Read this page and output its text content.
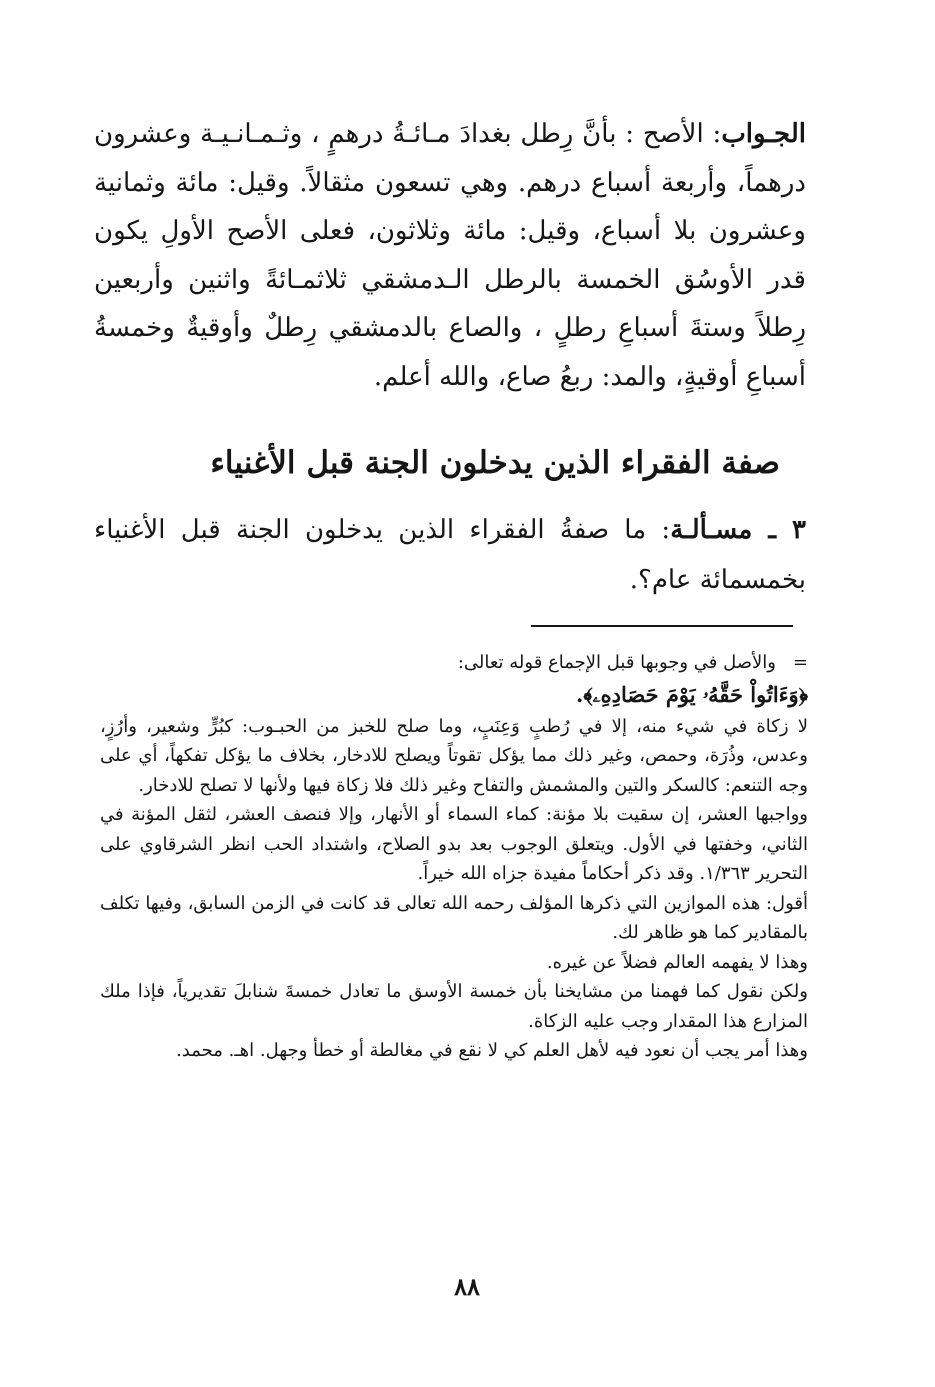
الجـواب: الأصح : بأنَّ رِطل بغدادَ مـائـةُ درهمٍ ، وثـمـانـيـة وعشرون درهماً، وأربعة أسباع درهم. وهي تسعون مثقالاً. وقيل: مائة وثمانية وعشرون بلا أسباع، وقيل: مائة وثلاثون، فعلى الأصح الأولِ يكون قدر الأوسُق الخمسة بالرطل الـدمشقي ثلاثمـائةً واثنين وأربعين رِطلاً وستةَ أسباعِ رطلٍ ، والصاع بالدمشقي رِطلٌ وأوقيةٌ وخمسةُ أسباعِ أوقيةٍ، والمد: ربعُ صاع، والله أعلم.

صفة الفقراء الذين يدخلون الجنة قبل الأغنياء

٣ ـ مسـألـة: ما صفةُ الفقراء الذين يدخلون الجنة قبل الأغنياء بخمسمائة عام؟.

=
والأصل في وجوبها قبل الإجماع قوله تعالى:
﴿وَءَاتُواْ حَقَّهُۥ يَوْمَ حَصَادِهِۦ﴾.
لا زكاة في شيء منه، إلا في رُطبٍ وَعِنَبٍ، وما صلح للخبز من الحبـوب: كبُرٍّ وشعير، وأرُزٍ، وعدس، وذُرَة، وحمص، وغير ذلك مما يؤكل تقوتاً ويصلح للادخار، بخلاف ما يؤكل تفكهاً، أي على وجه التنعم: كالسكر والتين والمشمش والتفاح وغير ذلك فلا زكاة فيها ولأنها لا تصلح للادخار.
وواجبها العشر، إن سقيت بلا مؤنة: كماء السماء أو الأنهار، وإلا فنصف العشر، لثقل المؤنة في الثاني، وخفتها في الأول. ويتعلق الوجوب بعد بدو الصلاح، واشتداد الحب انظر الشرقاوي على التحرير ١/٣٦٣. وقد ذكر أحكاماً مفيدة جزاه الله خيراً.
أقول: هذه الموازين التي ذكرها المؤلف رحمه الله تعالى قد كانت في الزمن السابق، وفيها تكلف بالمقادير كما هو ظاهر لك.
وهذا لا يفهمه العالم فضلاً عن غيره.
ولكن نقول كما فهمنا من مشايخنا بأن خمسة الأوسق ما تعادل خمسةَ شنابلَ تقديرياً، فإذا ملك المزارع هذا المقدار وجب عليه الزكاة.
وهذا أمر يجب أن نعود فيه لأهل العلم كي لا نقع في مغالطة أو خطأ وجهل. اهـ. محمد.
٨٨
